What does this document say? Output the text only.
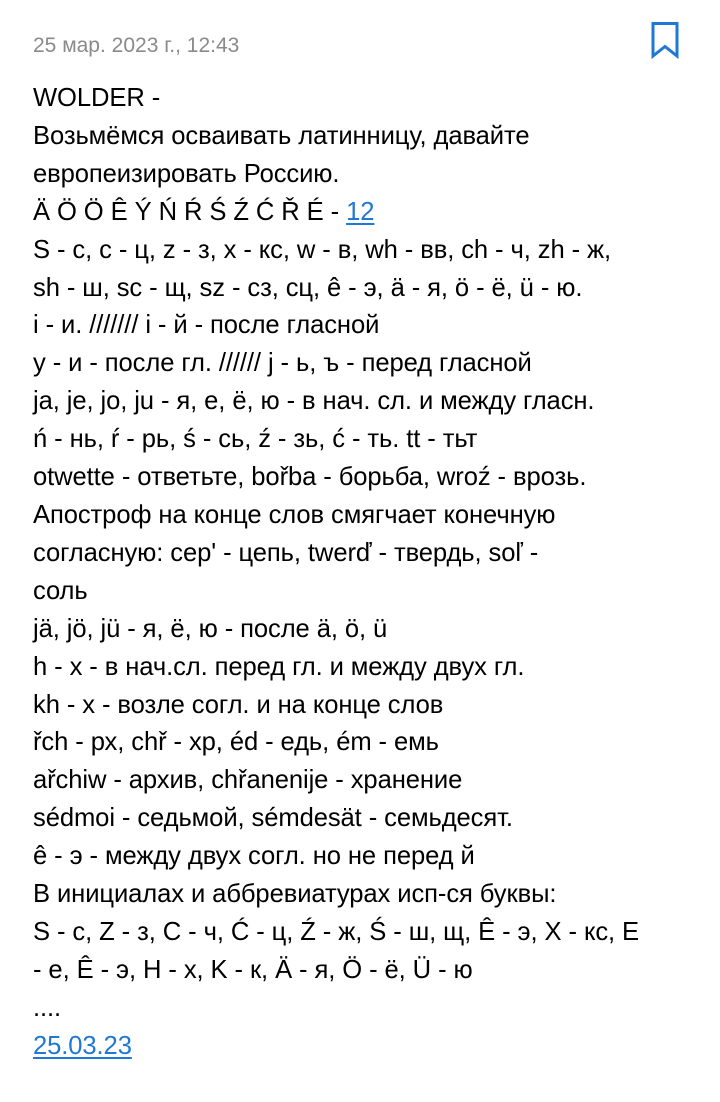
25 мар. 2023 г., 12:43
WOLDER -
Возьмёмся осваивать латинницу, давайте
европеизировать Россию.
Ä Ö Ö Ê Ý Ń Ŕ Ś Ź Ć Ř É - 12
S - с, с - ц, z - з, x - кс, w - в, wh - вв, ch - ч, zh - ж,
sh - ш, sc - щ, sz - сз, сц, ê - э, ä - я, ö - ё, ü - ю.
i - и. /////// i - й - после гласной
y - и - после гл. ////// j - ь, ъ - перед гласной
ja, je, jo, ju - я, е, ё, ю - в нач. сл. и между гласн.
ń - нь, ŕ - рь, ś - сь, ź - зь, ć - ть. tt - тьт
otwette - ответьте, bořba - борьба, wroź - врозь.
Апостроф на конце слов смягчает конечную
согласную: cep' - цепь, twerď - твердь, soľ -
соль
jä, jö, jü - я, ё, ю - после ä, ö, ü
h - х - в нач.сл. перед гл. и между двух гл.
kh - х - возле согл. и на конце слов
řch - рх, chř - хр, éd - едь, ém - емь
ařchiw - архив, chřanenije - хранение
sédmoi - седьмой, sémdesät - семьдесят.
ê - э - между двух согл. но не перед й
В инициалах и аббревиатурах исп-ся буквы:
S - с, Z - з, C - ч, Ć - ц, Ź - ж, Ś - ш, щ, Ê - э, X - кс, E
- е, Ê - э, H - х, K - к, Ä - я, Ö - ё, Ü - ю
....
25.03.23
